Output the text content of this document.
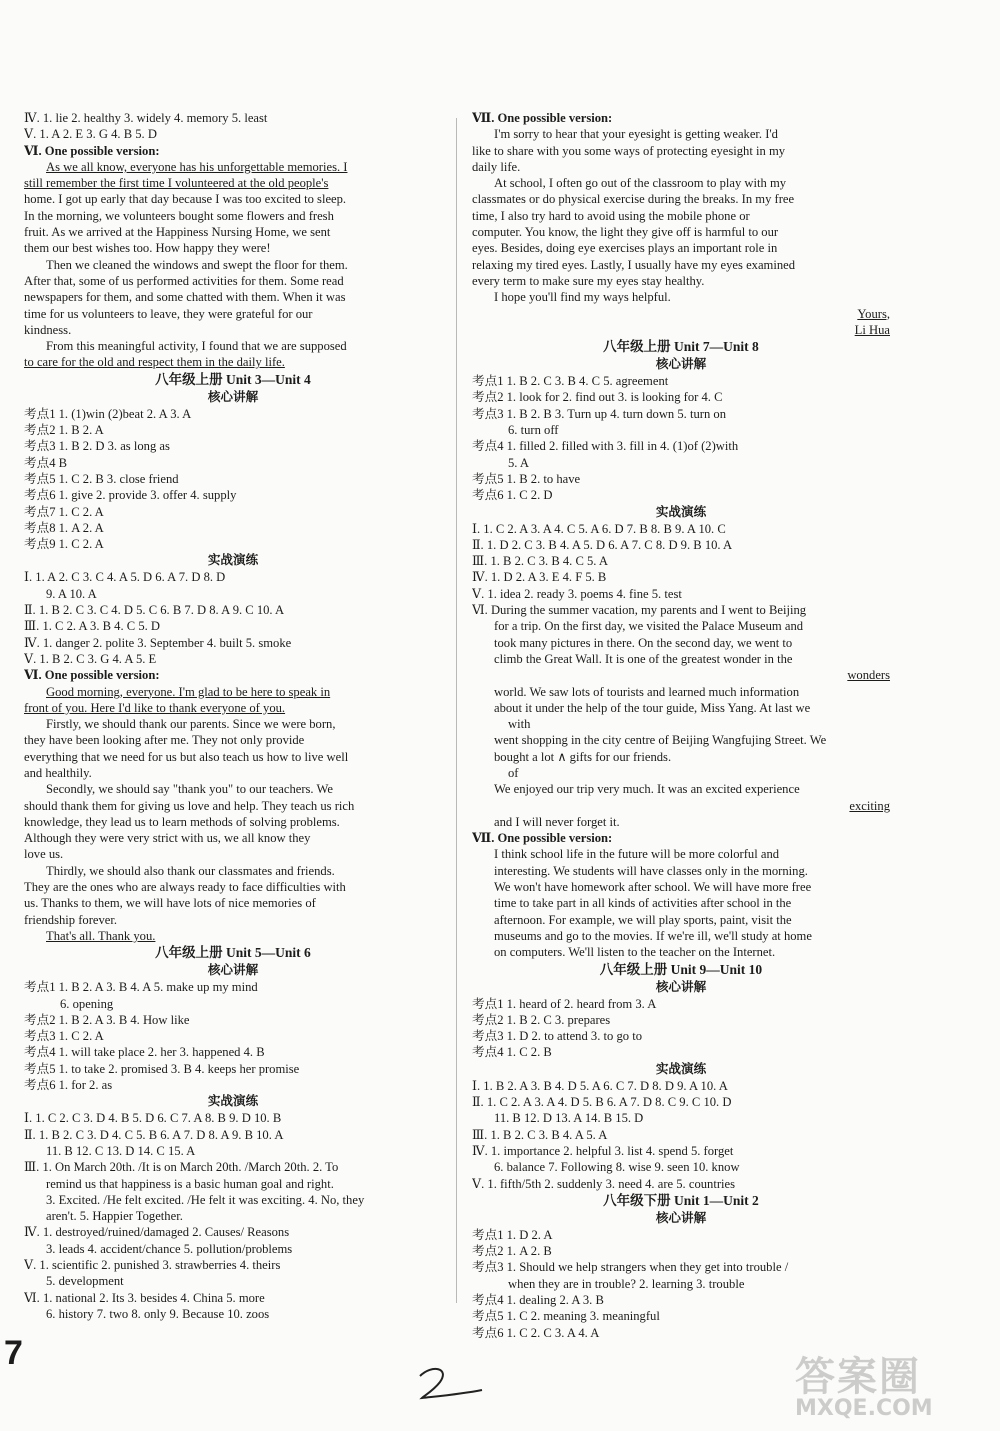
Ⅳ. 1. lie 2. healthy 3. widely 4. memory 5. least
Ⅴ. 1. A 2. E 3. G 4. B 5. D
Ⅵ. One possible version:
As we all know, everyone has his unforgettable memories. I
still remember the first time I volunteered at the old people's
home. I got up early that day because I was too excited to sleep.
In the morning, we volunteers bought some flowers and fresh
fruit. As we arrived at the Happiness Nursing Home, we sent
them our best wishes too. How happy they were!
Then we cleaned the windows and swept the floor for them.
After that, some of us performed activities for them. Some read
newspapers for them, and some chatted with them. When it was
time for us volunteers to leave, they were grateful for our
kindness.
From this meaningful activity, I found that we are supposed
to care for the old and respect them in the daily life.
八年级上册 Unit 3—Unit 4
核心讲解
考点1 1. (1)win (2)beat 2. A 3. A
考点2 1. B 2. A
考点3 1. B 2. D 3. as long as
考点4 B
考点5 1. C 2. B 3. close friend
考点6 1. give 2. provide 3. offer 4. supply
考点7 1. C 2. A
考点8 1. A 2. A
考点9 1. C 2. A
实战演练
Ⅰ. 1. A 2. C 3. C 4. A 5. D 6. A 7. D 8. D
9. A 10. A
Ⅱ. 1. B 2. C 3. C 4. D 5. C 6. B 7. D 8. A 9. C 10. A
Ⅲ. 1. C 2. A 3. B 4. C 5. D
Ⅳ. 1. danger 2. polite 3. September 4. built 5. smoke
Ⅴ. 1. B 2. C 3. G 4. A 5. E
Ⅵ. One possible version:
Good morning, everyone. I'm glad to be here to speak in
front of you. Here I'd like to thank everyone of you.
Firstly, we should thank our parents. Since we were born,
they have been looking after me. They not only provide
everything that we need for us but also teach us how to live well
and healthily.
Secondly, we should say "thank you" to our teachers. We
should thank them for giving us love and help. They teach us rich
knowledge, they lead us to learn methods of solving problems.
Although they were very strict with us, we all know they
love us.
Thirdly, we should also thank our classmates and friends.
They are the ones who are always ready to face difficulties with
us. Thanks to them, we will have lots of nice memories of
friendship forever.
That's all. Thank you.
八年级上册 Unit 5—Unit 6
核心讲解
考点1 1. B 2. A 3. B 4. A 5. make up my mind
6. opening
考点2 1. B 2. A 3. B 4. How like
考点3 1. C 2. A
考点4 1. will take place 2. her 3. happened 4. B
考点5 1. to take 2. promised 3. B 4. keeps her promise
考点6 1. for 2. as
实战演练
Ⅰ. 1. C 2. C 3. D 4. B 5. D 6. C 7. A 8. B 9. D 10. B
Ⅱ. 1. B 2. C 3. D 4. C 5. B 6. A 7. D 8. A 9. B 10. A
11. B 12. C 13. D 14. C 15. A
Ⅲ. 1. On March 20th. /It is on March 20th. /March 20th. 2. To
remind us that happiness is a basic human goal and right.
3. Excited. /He felt excited. /He felt it was exciting. 4. No, they
aren't. 5. Happier Together.
Ⅳ. 1. destroyed/ruined/damaged 2. Causes/ Reasons
3. leads 4. accident/chance 5. pollution/problems
Ⅴ. 1. scientific 2. punished 3. strawberries 4. theirs
5. development
Ⅵ. 1. national 2. Its 3. besides 4. China 5. more
6. history 7. two 8. only 9. Because 10. zoos
Ⅶ. One possible version:
I'm sorry to hear that your eyesight is getting weaker. I'd
like to share with you some ways of protecting eyesight in my
daily life.
At school, I often go out of the classroom to play with my
classmates or do physical exercise during the breaks. In my free
time, I also try hard to avoid using the mobile phone or
computer. You know, the light they give off is harmful to our
eyes. Besides, doing eye exercises plays an important role in
relaxing my tired eyes. Lastly, I usually have my eyes examined
every term to make sure my eyes stay healthy.
I hope you'll find my ways helpful.
Yours,
Li Hua
八年级上册 Unit 7—Unit 8
核心讲解
考点1 1. B 2. C 3. B 4. C 5. agreement
考点2 1. look for 2. find out 3. is looking for 4. C
考点3 1. B 2. B 3. Turn up 4. turn down 5. turn on
6. turn off
考点4 1. filled 2. filled with 3. fill in 4. (1)of (2)with
5. A
考点5 1. B 2. to have
考点6 1. C 2. D
实战演练
Ⅰ. 1. C 2. A 3. A 4. C 5. A 6. D 7. B 8. B 9. A 10. C
Ⅱ. 1. D 2. C 3. B 4. A 5. D 6. A 7. C 8. D 9. B 10. A
Ⅲ. 1. B 2. C 3. B 4. C 5. A
Ⅳ. 1. D 2. A 3. E 4. F 5. B
Ⅴ. 1. idea 2. ready 3. poems 4. fine 5. test
Ⅵ. During the summer vacation, my parents and I went to Beijing
for a trip. On the first day, we visited the Palace Museum and
took many pictures in there. On the second day, we went to
climb the Great Wall. It is one of the greatest wonder in the
wonders
world. We saw lots of tourists and learned much information
about it under the help of the tour guide, Miss Yang. At last we
with
went shopping in the city centre of Beijing Wangfujing Street. We
bought a lot ∧ gifts for our friends.
of
We enjoyed our trip very much. It was an excited experience
exciting
and I will never forget it.
Ⅶ. One possible version:
I think school life in the future will be more colorful and
interesting. We students will have classes only in the morning.
We won't have homework after school. We will have more free
time to take part in all kinds of activities after school in the
afternoon. For example, we will play sports, paint, visit the
museums and go to the movies. If we're ill, we'll study at home
on computers. We'll listen to the teacher on the Internet.
八年级上册 Unit 9—Unit 10
核心讲解
考点1 1. heard of 2. heard from 3. A
考点2 1. B 2. C 3. prepares
考点3 1. D 2. to attend 3. to go to
考点4 1. C 2. B
实战演练
Ⅰ. 1. B 2. A 3. B 4. D 5. A 6. C 7. D 8. D 9. A 10. A
Ⅱ. 1. C 2. A 3. A 4. D 5. B 6. A 7. D 8. C 9. C 10. D
11. B 12. D 13. A 14. B 15. D
Ⅲ. 1. B 2. C 3. B 4. A 5. A
Ⅳ. 1. importance 2. helpful 3. list 4. spend 5. forget
6. balance 7. Following 8. wise 9. seen 10. know
Ⅴ. 1. fifth/5th 2. suddenly 3. need 4. are 5. countries
八年级下册 Unit 1—Unit 2
核心讲解
考点1 1. D 2. A
考点2 1. A 2. B
考点3 1. Should we help strangers when they get into trouble /
when they are in trouble? 2. learning 3. trouble
考点4 1. dealing 2. A 3. B
考点5 1. C 2. meaning 3. meaningful
考点6 1. C 2. C 3. A 4. A
7
答案圈
MXQE.COM
